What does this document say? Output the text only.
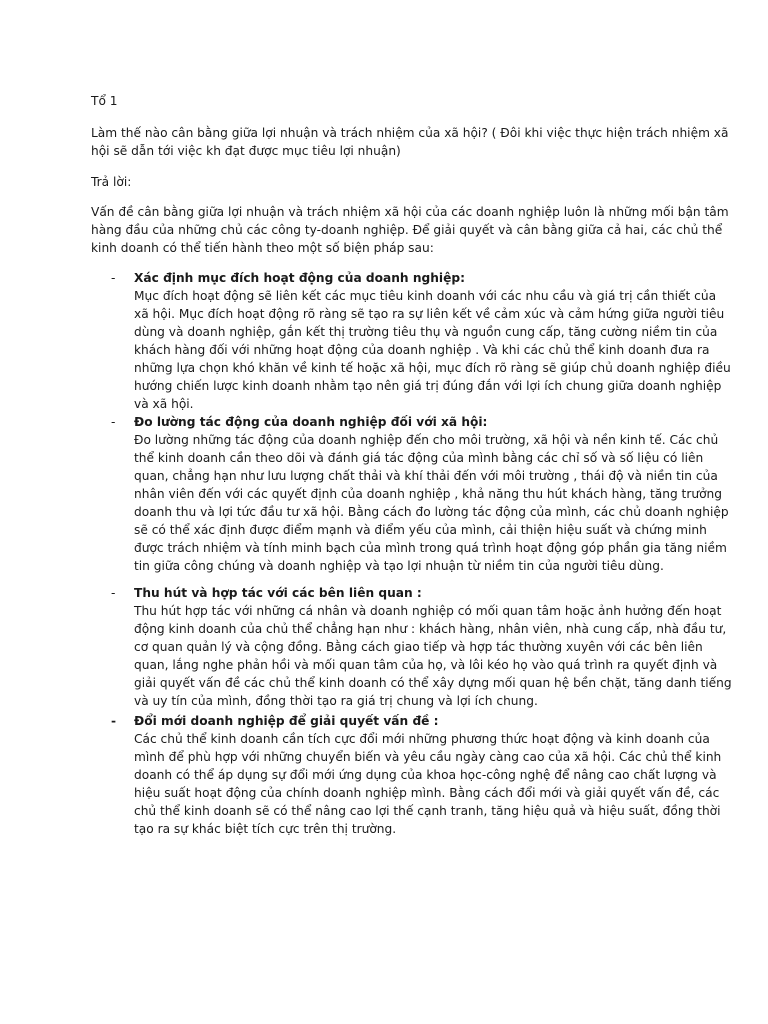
Tổ 1
Làm thế nào cân bằng giữa lợi nhuận và trách nhiệm của xã hội? ( Đôi khi việc thực hiện trách nhiệm xã
hội sẽ dẫn tới việc kh đạt được mục tiêu lợi nhuận)
Trả lời:
Vấn đề cân bằng giữa lợi nhuận và trách nhiệm xã hội của các doanh nghiệp luôn là những mối bận tâm
hàng đầu của những chủ các công ty-doanh nghiệp. Để giải quyết và cân bằng giữa cả hai, các chủ thể
kinh doanh có thể tiến hành theo một số biện pháp sau:
- Xác định mục đích hoạt động của doanh nghiệp:
Mục đích hoạt động sẽ liên kết các mục tiêu kinh doanh với các nhu cầu và giá trị cần thiết của
xã hội. Mục đích hoạt động rõ ràng sẽ tạo ra sự liên kết về cảm xúc và cảm hứng giữa người tiêu
dùng và doanh nghiệp, gắn kết thị trường tiêu thụ và nguồn cung cấp, tăng cường niềm tin của
khách hàng đối với những hoạt động của doanh nghiệp . Và khi các chủ thể kinh doanh đưa ra
những lựa chọn khó khăn về kinh tế hoặc xã hội, mục đích rõ ràng sẽ giúp chủ doanh nghiệp điều
hướng chiến lược kinh doanh nhằm tạo nên giá trị đúng đắn với lợi ích chung giữa doanh nghiệp
và xã hội.
- Đo lường tác động của doanh nghiệp đối với xã hội:
Đo lường những tác động của doanh nghiệp đến cho môi trường, xã hội và nền kinh tế. Các chủ
thể kinh doanh cần theo dõi và đánh giá tác động của mình bằng các chỉ số và số liệu có liên
quan, chẳng hạn như lưu lượng chất thải và khí thải đến với môi trường , thái độ và niền tin của
nhân viên đến với các quyết định của doanh nghiệp , khả năng thu hút khách hàng, tăng trưởng
doanh thu và lợi tức đầu tư xã hội. Bằng cách đo lường tác động của mình, các chủ doanh nghiệp
sẽ có thể xác định được điểm mạnh và điểm yếu của mình, cải thiện hiệu suất và chứng minh
được trách nhiệm và tính minh bạch của mình trong quá trình hoạt động góp phần gia tăng niềm
tin giữa công chúng và doanh nghiệp và tạo lợi nhuận từ niềm tin của người tiêu dùng.
- Thu hút và hợp tác với các bên liên quan :
Thu hút hợp tác với những cá nhân và doanh nghiệp có mối quan tâm hoặc ảnh hưởng đến hoạt
động kinh doanh của chủ thể chẳng hạn như : khách hàng, nhân viên, nhà cung cấp, nhà đầu tư,
cơ quan quản lý và cộng đồng. Bằng cách giao tiếp và hợp tác thường xuyên với các bên liên
quan, lắng nghe phản hồi và mối quan tâm của họ, và lôi kéo họ vào quá trình ra quyết định và
giải quyết vấn đề các chủ thể kinh doanh có thể xây dựng mối quan hệ bền chặt, tăng danh tiếng
và uy tín của mình, đồng thời tạo ra giá trị chung và lợi ích chung.
- Đổi mới doanh nghiệp để giải quyết vấn đề :
Các chủ thể kinh doanh cần tích cực đổi mới những phương thức hoạt động và kinh doanh của
mình để phù hợp với những chuyển biến và yêu cầu ngày càng cao của xã hội. Các chủ thể kinh
doanh có thể áp dụng sự đổi mới ứng dụng của khoa học-công nghệ để nâng cao chất lượng và
hiệu suất hoạt động của chính doanh nghiệp mình. Bằng cách đổi mới và giải quyết vấn đề, các
chủ thể kinh doanh sẽ có thể nâng cao lợi thế cạnh tranh, tăng hiệu quả và hiệu suất, đồng thời
tạo ra sự khác biệt tích cực trên thị trường.
